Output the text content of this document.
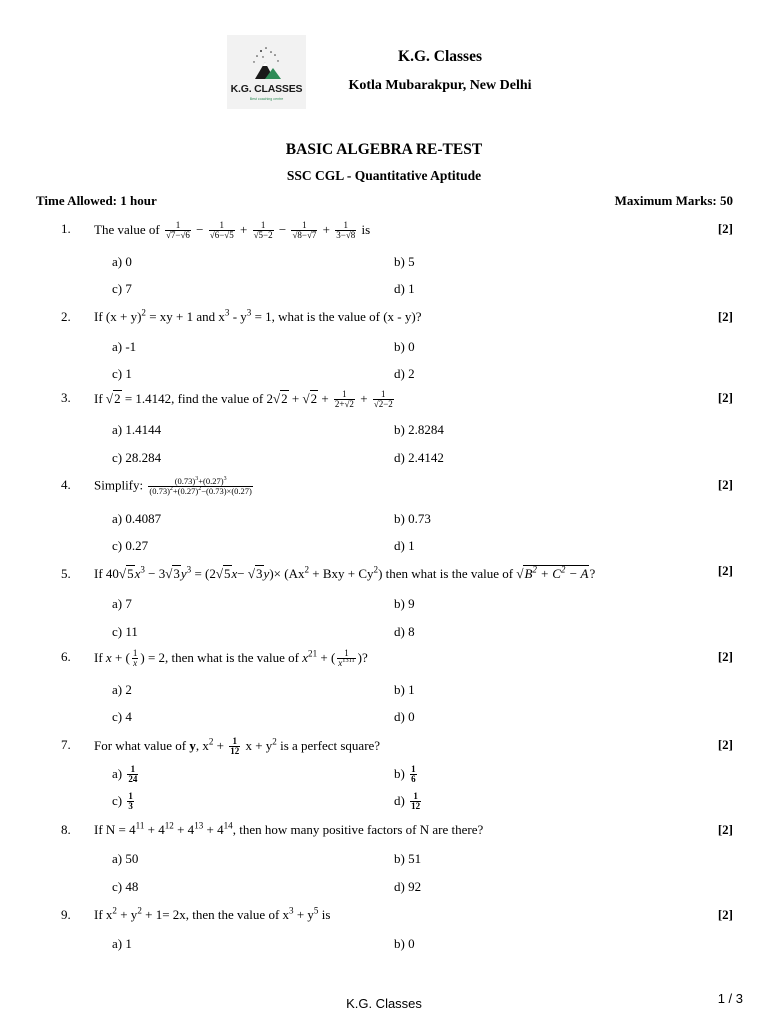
K.G. CLASSES
Best coaching centre
K.G. Classes
Kotla Mubarakpur, New Delhi
BASIC ALGEBRA RE-TEST
SSC CGL - Quantitative Aptitude
Time Allowed: 1 hour	Maximum Marks: 50
1. The value of $\frac{1}{√7-√6} - \frac{1}{√6-√5} + \frac{1}{√5-2} - \frac{1}{√8-√7} + \frac{1}{3-√8}$ is	[2]
a) 0	b) 5
c) 7	d) 1
2. If $(x + y)^2$ = xy + 1 and $x^3 - y^3 = 1$, what is the value of (x - y)?	[2]
a) -1	b) 0
c) 1	d) 2
3. If √2 = 1.4142, find the value of $2√2 + √2 + \frac{1}{2+√2} + \frac{1}{√2-2}$	[2]
a) 1.4144	b) 2.8284
c) 28.284	d) 2.4142
4. Simplify: $\frac{(0.73)^3+(0.27)^3}{(0.73)^2+(0.27)^2-(0.73)\times(0.27)}$	[2]
a) 0.4087	b) 0.73
c) 0.27	d) 1
5. If $40√5x^3 - 3√3y^3 = (2√5x- √3y)\times (Ax^2$ + Bxy + $Cy^2$) then what is the value of $√B^2 + C^2 - A$?	[2]
a) 7	b) 9
c) 11	d) 8
6. If x + ( $\frac{1}{x}$ ) = 2, then what is the value of $x^{21}$ + ( $\frac{1}{x^{1311}}$ )?	[2]
a) 2	b) 1
c) 4	d) 0
7. For what value of y, $x^2 + \frac{1}{12}$ $x + y^2$ is a perfect square?	[2]
$a) \frac{1}{24}$	$b) \frac{1}{6}$
$c) \frac{1}{3}$	$d) \frac{1}{12}$
8. If $N = 4^{11} + 4^{12} + 4^{13} + 4^{14}$, then how many positive factors of N are there?	[2]
a) 50	b) 51
c) 48	d) 92
9. If $x^2 + y^2 + 1= 2x$, then the value of $x^3 + y^5$ is	[2]
a) 1	b) 0
K.G. Classes	1 / 3
